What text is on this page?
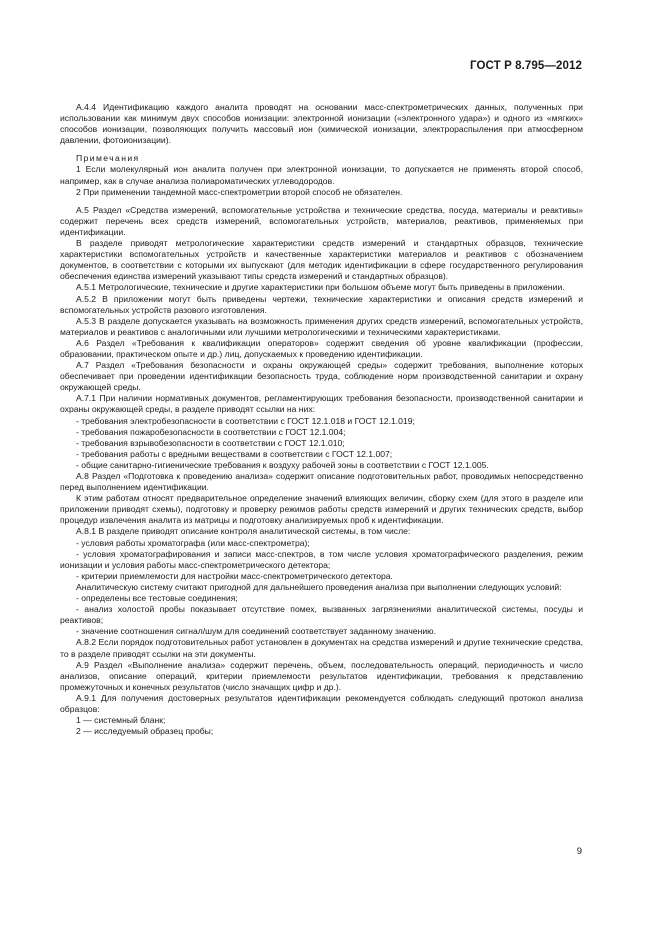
ГОСТ Р 8.795—2012

А.4.4 Идентификацию каждого аналита проводят на основании масс-спектрометрических данных, полученных при использовании как минимум двух способов ионизации: электронной ионизации («электронного удара») и одного из «мягких» способов ионизации, позволяющих получить массовый ион (химической ионизации, электрораспыления при атмосферном давлении, фотоионизации).

Примечания

1 Если молекулярный ион аналита получен при электронной ионизации, то допускается не применять второй способ, например, как в случае анализа полиароматических углеводородов.

2 При применении тандемной масс-спектрометрии второй способ не обязателен.

А.5 Раздел «Средства измерений, вспомогательные устройства и технические средства, посуда, материалы и реактивы» содержит перечень всех средств измерений, вспомогательных устройств, материалов, реактивов, применяемых при идентификации.

В разделе приводят метрологические характеристики средств измерений и стандартных образцов, технические характеристики вспомогательных устройств и качественные характеристики материалов и реактивов с обозначением документов, в соответствии с которыми их выпускают (для методик идентификации в сфере государственного регулирования обеспечения единства измерений указывают типы средств измерений и стандартных образцов).

А.5.1 Метрологические, технические и другие характеристики при большом объеме могут быть приведены в приложении.

А.5.2 В приложении могут быть приведены чертежи, технические характеристики и описания средств измерений и вспомогательных устройств разового изготовления.

А.5.3 В разделе допускается указывать на возможность применения других средств измерений, вспомогательных устройств, материалов и реактивов с аналогичными или лучшими метрологическими и техническими характеристиками.

А.6 Раздел «Требования к квалификации операторов» содержит сведения об уровне квалификации (профессии, образовании, практическом опыте и др.) лиц, допускаемых к проведению идентификации.

А.7 Раздел «Требования безопасности и охраны окружающей среды» содержит требования, выполнение которых обеспечивает при проведении идентификации безопасность труда, соблюдение норм производственной санитарии и охрану окружающей среды.

А.7.1 При наличии нормативных документов, регламентирующих требования безопасности, производственной санитарии и охраны окружающей среды, в разделе приводят ссылки на них:

- требования электробезопасности в соответствии с ГОСТ 12.1.018 и ГОСТ 12.1.019;

- требования пожаробезопасности в соответствии с ГОСТ 12.1.004;

- требования взрывобезопасности в соответствии с ГОСТ 12.1.010;

- требования работы с вредными веществами в соответствии с ГОСТ 12.1.007;

- общие санитарно-гигиенические требования к воздуху рабочей зоны в соответствии с ГОСТ 12.1.005.

А.8 Раздел «Подготовка к проведению анализа» содержит описание подготовительных работ, проводимых непосредственно перед выполнением идентификации.

К этим работам относят предварительное определение значений влияющих величин, сборку схем (для этого в разделе или приложении приводят схемы), подготовку и проверку режимов работы средств измерений и других технических средств, выбор процедур извлечения аналита из матрицы и подготовку анализируемых проб к идентификации.

А.8.1 В разделе приводят описание контроля аналитической системы, в том числе:

- условия работы хроматографа (или масс-спектрометра);

- условия хроматографирования и записи масс-спектров, в том числе условия хроматографического разделения, режим ионизации и условия работы масс-спектрометрического детектора;

- критерии приемлемости для настройки масс-спектрометрического детектора.

Аналитическую систему считают пригодной для дальнейшего проведения анализа при выполнении следующих условий:

- определены все тестовые соединения;

- анализ холостой пробы показывает отсутствие помех, вызванных загрязнениями аналитической системы, посуды и реактивов;

- значение соотношения сигнал/шум для соединений соответствует заданному значению.

А.8.2 Если порядок подготовительных работ установлен в документах на средства измерений и другие технические средства, то в разделе приводят ссылки на эти документы.

А.9 Раздел «Выполнение анализа» содержит перечень, объем, последовательность операций, периодичность и число анализов, описание операций, критерии приемлемости результатов идентификации, требования к представлению промежуточных и конечных результатов (число значащих цифр и др.).

А.9.1 Для получения достоверных результатов идентификации рекомендуется соблюдать следующий протокол анализа образцов:

1 — системный бланк;

2 — исследуемый образец пробы;

9
